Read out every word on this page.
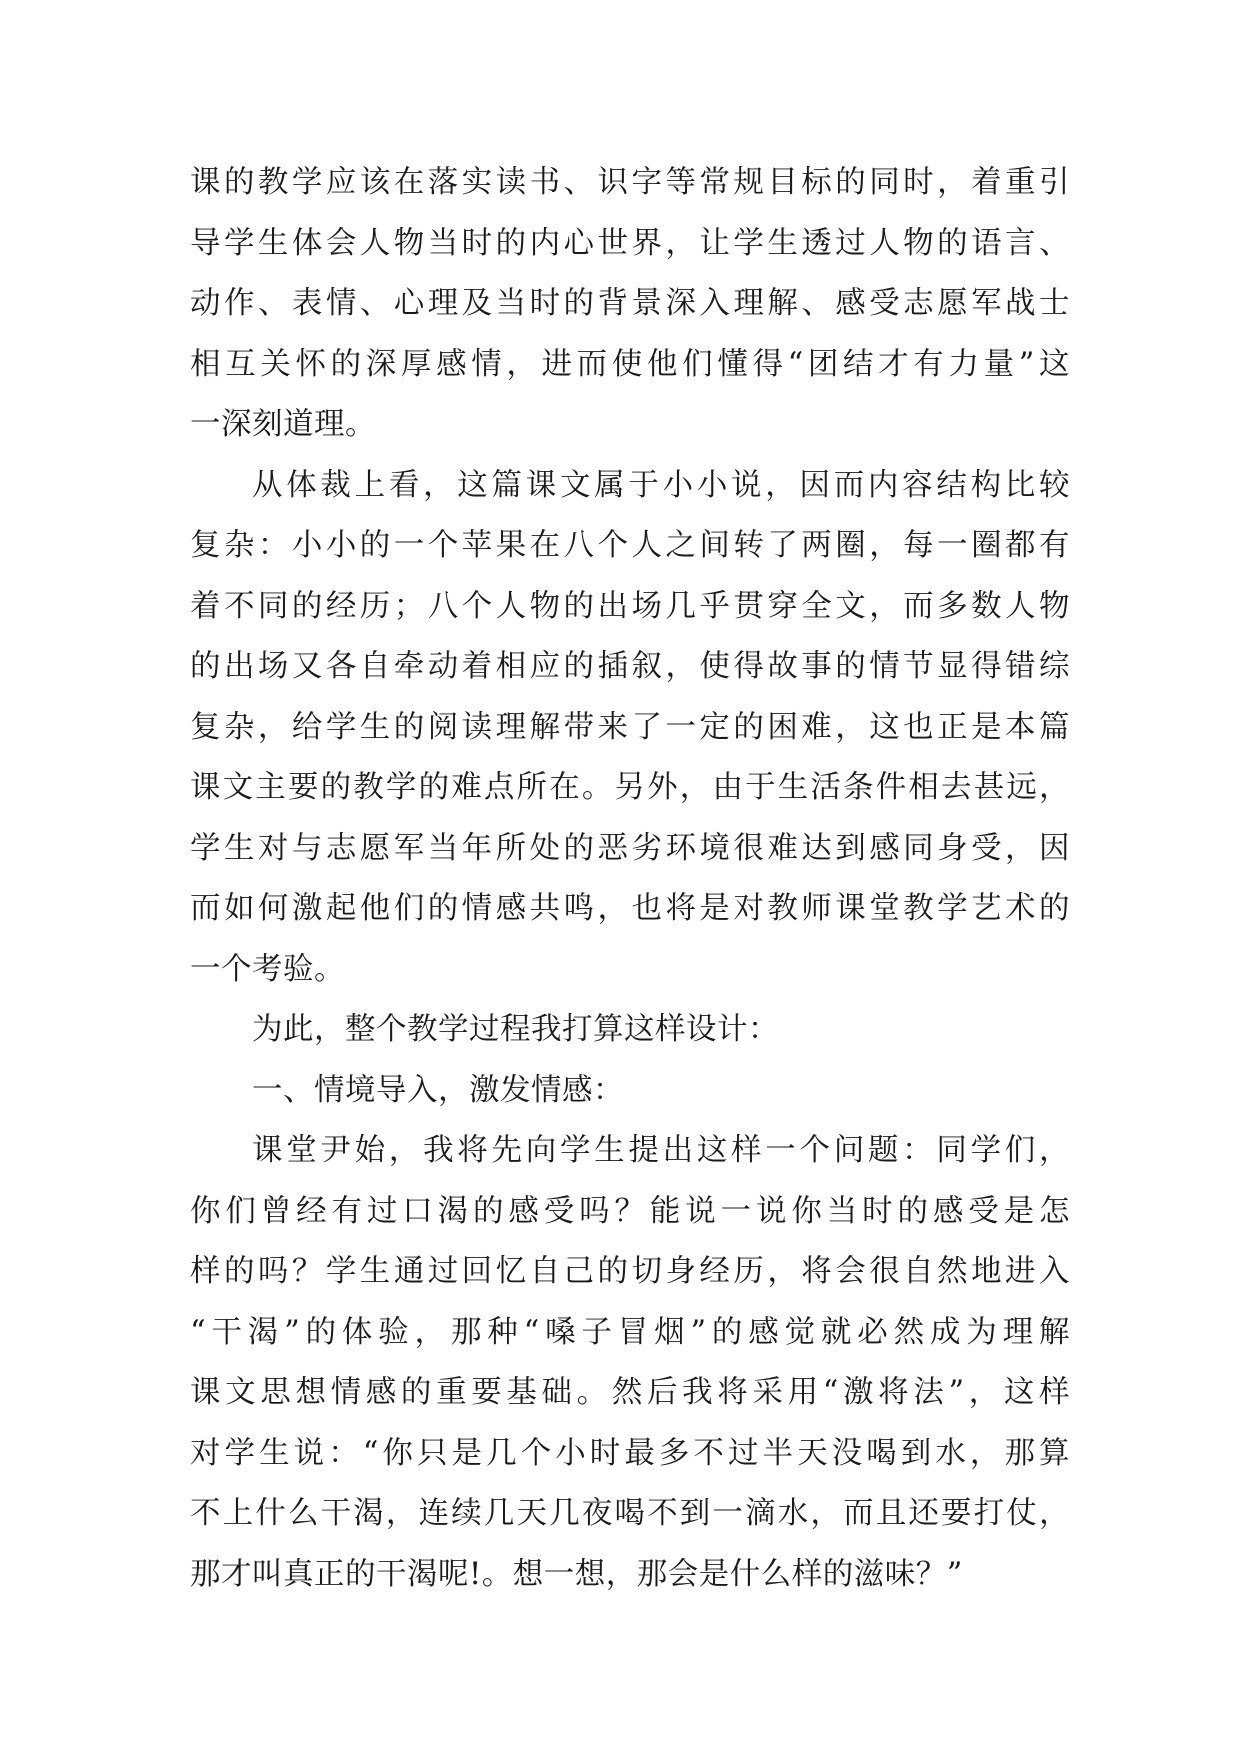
课的教学应该在落实读书、识字等常规目标的同时，着重引
导学生体会人物当时的内心世界，让学生透过人物的语言、
动作、表情、心理及当时的背景深入理解、感受志愿军战士
相互关怀的深厚感情，进而使他们懂得“团结才有力量”这
一深刻道理。
从体裁上看，这篇课文属于小小说，因而内容结构比较
复杂：小小的一个苹果在八个人之间转了两圈，每一圈都有
着不同的经历；八个人物的出场几乎贯穿全文，而多数人物
的出场又各自牵动着相应的插叙，使得故事的情节显得错综
复杂，给学生的阅读理解带来了一定的困难，这也正是本篇
课文主要的教学的难点所在。另外，由于生活条件相去甚远，
学生对与志愿军当年所处的恶劣环境很难达到感同身受，因
而如何激起他们的情感共鸣，也将是对教师课堂教学艺术的
一个考验。
为此，整个教学过程我打算这样设计：
一、情境导入，激发情感：
课堂尹始，我将先向学生提出这样一个问题：同学们，
你们曾经有过口渴的感受吗？能说一说你当时的感受是怎
样的吗？学生通过回忆自己的切身经历，将会很自然地进入
“干渴”的体验，那种“嗓子冒烟”的感觉就必然成为理解
课文思想情感的重要基础。然后我将采用“激将法”，这样
对学生说：“你只是几个小时最多不过半天没喝到水，那算
不上什么干渴，连续几天几夜喝不到一滴水，而且还要打仗，
那才叫真正的干渴呢!。想一想，那会是什么样的滋味？”
